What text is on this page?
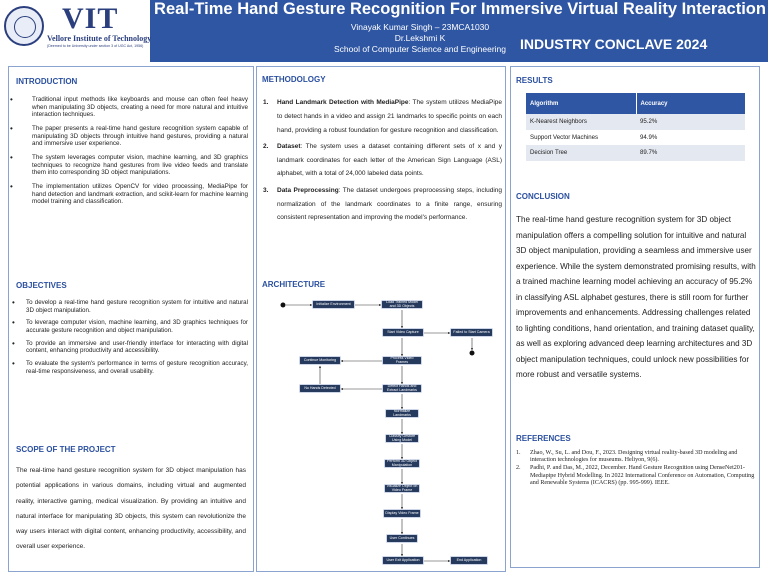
VIT
Vellore Institute of Technology
(Deemed to be University under section 3 of UGC Act, 1956)
Real-Time Hand Gesture Recognition For Immersive Virtual Reality Interaction
Vinayak Kumar Singh – 23MCA1030
Dr.Lekshmi K
School of Computer Science and Engineering	INDUSTRY CONCLAVE 2024
INTRODUCTION
• Traditional input methods like keyboards and mouse can often feel heavy when manipulating 3D objects, creating a need for more natural and intuitive interaction techniques.
• The paper presents a real-time hand gesture recognition system capable of manipulating 3D objects through intuitive hand gestures, providing a natural and immersive user experience.
• The system leverages computer vision, machine learning, and 3D graphics techniques to recognize hand gestures from live video feeds and translate them into corresponding 3D object manipulations.
• The implementation utilizes OpenCV for video processing, MediaPipe for hand detection and landmark extraction, and scikit-learn for machine learning model training and classification.
OBJECTIVES
• To develop a real-time hand gesture recognition system for intuitive and natural 3D object manipulation.
• To leverage computer vision, machine learning, and 3D graphics techniques for accurate gesture recognition and object manipulation.
• To provide an immersive and user-friendly interface for interacting with digital content, enhancing productivity and accessibility.
• To evaluate the system's performance in terms of gesture recognition accuracy, real-time responsiveness, and overall usability.
SCOPE OF THE PROJECT
The real-time hand gesture recognition system for 3D object manipulation has potential applications in various domains, including virtual and augmented reality, interactive gaming, medical visualization. By providing an intuitive and natural interface for manipulating 3D objects, this system can revolutionize the way users interact with digital content, enhancing productivity, accessibility, and overall user experience.
METHODOLOGY
1. Hand Landmark Detection with MediaPipe: The system utilizes MediaPipe to detect hands in a video and assign 21 landmarks to specific points on each hand, providing a robust foundation for gesture recognition and classification.
2. Dataset: The system uses a dataset containing different sets of x and y landmark coordinates for each letter of the American Sign Language (ASL) alphabet, with a total of 24,000 labeled data points.
3. Data Preprocessing: The dataset undergoes preprocessing steps, including normalization of the landmark coordinates to a finite range, ensuring consistent representation and improving the model's performance.
ARCHITECTURE
Initialize Environment	Load Trained Model and 3D Objects
Start Video Capture	Failed to Start Camera
Process Video Frames
Continue Monitoring
Detect Hands and Extract Landmarks
No Hands Detected
Normalize Landmarks
Classify Gesture Using Model
Perform 3D Object Manipulation
Visualize Object on Video Frame
Display Video Frame
User Continues
User Exit Application	End Application
RESULTS
Algorithm	Accuracy
K-Nearest Neighbors	95.2%
Support Vector Machines	94.9%
Decision Tree	89.7%
CONCLUSION
The real-time hand gesture recognition system for 3D object manipulation offers a compelling solution for intuitive and natural 3D object manipulation, providing a seamless and immersive user experience. While the system demonstrated promising results, with a trained machine learning model achieving an accuracy of 95.2% in classifying ASL alphabet gestures, there is still room for further improvements and enhancements. Addressing challenges related to lighting conditions, hand orientation, and training dataset quality, as well as exploring advanced deep learning architectures and 3D object manipulation techniques, could unlock new possibilities for more robust and versatile systems.
REFERENCES
1. Zhao, W., Su, L. and Dou, F., 2023. Designing virtual reality-based 3D modeling and interaction technologies for museums. Heliyon, 9(6).
2. Padhi, P. and Das, M., 2022, December. Hand Gesture Recognition using DenseNet201-Mediapipe Hybrid Modelling. In 2022 International Conference on Automation, Computing and Renewable Systems (ICACRS) (pp. 995-999). IEEE.
